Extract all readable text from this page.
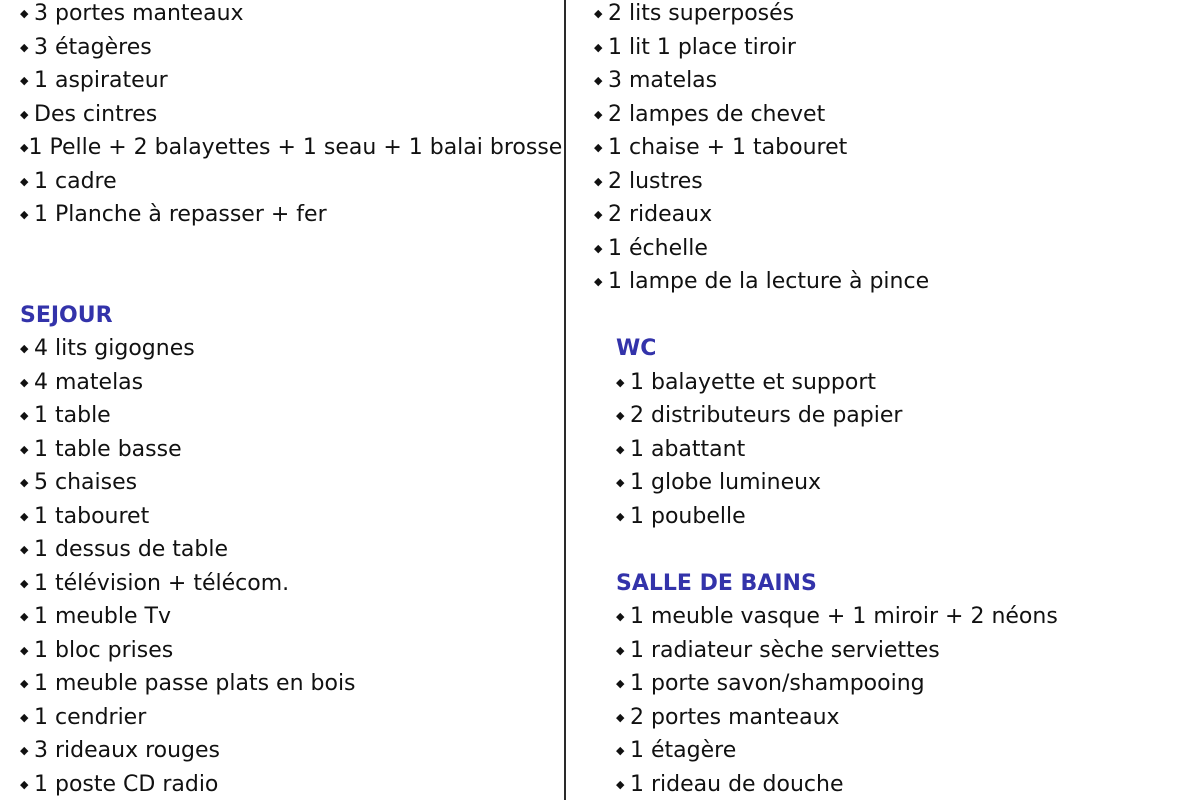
◆ 3 portes manteaux
◆ 3 étagères
◆ 1 aspirateur
◆ Des cintres
◆ 1 Pelle + 2 balayettes + 1 seau + 1 balai brosse
◆ 1 cadre
◆ 1 Planche à repasser + fer
SEJOUR
◆ 4 lits gigognes
◆ 4 matelas
◆ 1 table
◆ 1 table basse
◆ 5 chaises
◆ 1 tabouret
◆ 1 dessus de table
◆ 1 télévision + télécom.
◆ 1 meuble Tv
◆ 1 bloc prises
◆ 1 meuble passe plats en bois
◆ 1 cendrier
◆ 3 rideaux rouges
◆ 1 poste CD radio
◆ 2 lits superposés
◆ 1 lit 1 place tiroir
◆ 3 matelas
◆ 2 lampes de chevet
◆ 1 chaise + 1 tabouret
◆ 2 lustres
◆ 2 rideaux
◆ 1 échelle
◆ 1 lampe de la lecture à pince
WC
◆ 1 balayette et support
◆ 2 distributeurs de papier
◆ 1 abattant
◆ 1 globe lumineux
◆ 1 poubelle
SALLE DE BAINS
◆ 1 meuble vasque + 1 miroir + 2 néons
◆ 1 radiateur sèche serviettes
◆ 1 porte savon/shampooing
◆ 2 portes manteaux
◆ 1 étagère
◆ 1 rideau de douche
